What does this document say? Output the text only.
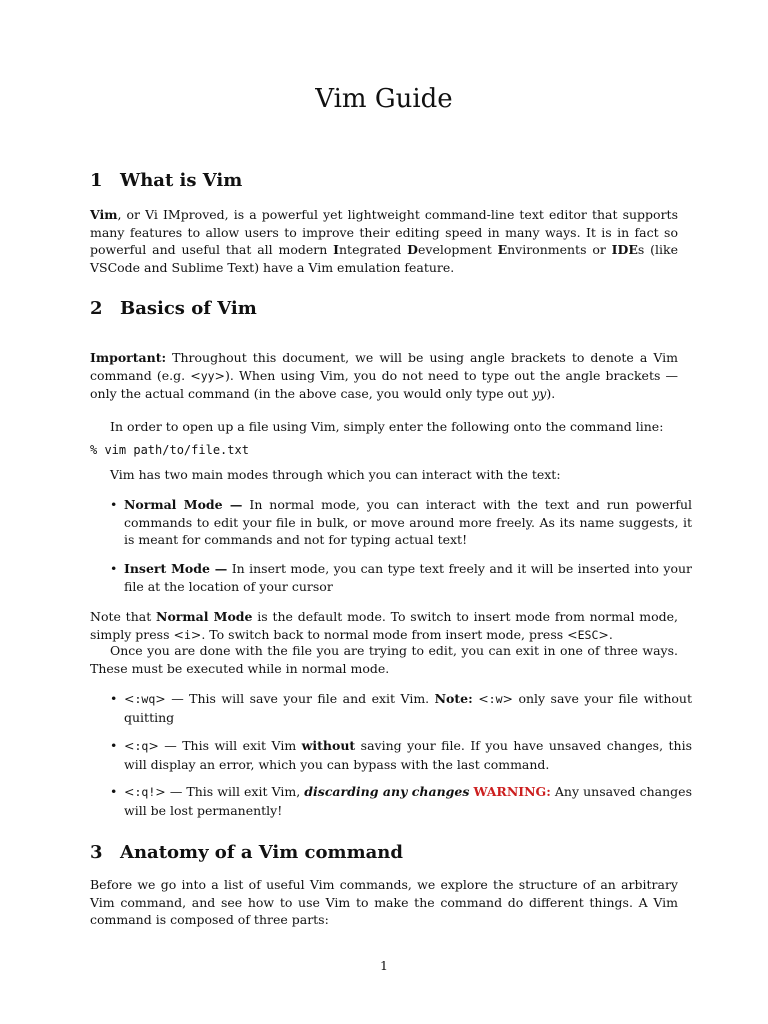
Vim Guide
1 What is Vim

Vim, or Vi IMproved, is a powerful yet lightweight command-line text editor that supports many features to allow users to improve their editing speed in many ways. It is in fact so powerful and useful that all modern Integrated Development Environments or IDEs (like VSCode and Sublime Text) have a Vim emulation feature.

2 Basics of Vim

Important: Throughout this document, we will be using angle brackets to denote a Vim command (e.g. <yy>). When using Vim, you do not need to type out the angle brackets — only the actual command (in the above case, you would only type out yy).

In order to open up a file using Vim, simply enter the following onto the command line:

% vim path/to/file.txt

Vim has two main modes through which you can interact with the text:

• Normal Mode — In normal mode, you can interact with the text and run powerful commands to edit your file in bulk, or move around more freely. As its name suggests, it is meant for commands and not for typing actual text!

• Insert Mode — In insert mode, you can type text freely and it will be inserted into your file at the location of your cursor

Note that Normal Mode is the default mode. To switch to insert mode from normal mode, simply press <i>. To switch back to normal mode from insert mode, press <ESC>.

Once you are done with the file you are trying to edit, you can exit in one of three ways. These must be executed while in normal mode.

• <:wq> — This will save your file and exit Vim. Note: <:w> only save your file without quitting

• <:q> — This will exit Vim without saving your file. If you have unsaved changes, this will display an error, which you can bypass with the last command.

• <:q!> — This will exit Vim, discarding any changes WARNING: Any unsaved changes will be lost permanently!

3 Anatomy of a Vim command

Before we go into a list of useful Vim commands, we explore the structure of an arbitrary Vim command, and see how to use Vim to make the command do different things. A Vim command is composed of three parts:

1
